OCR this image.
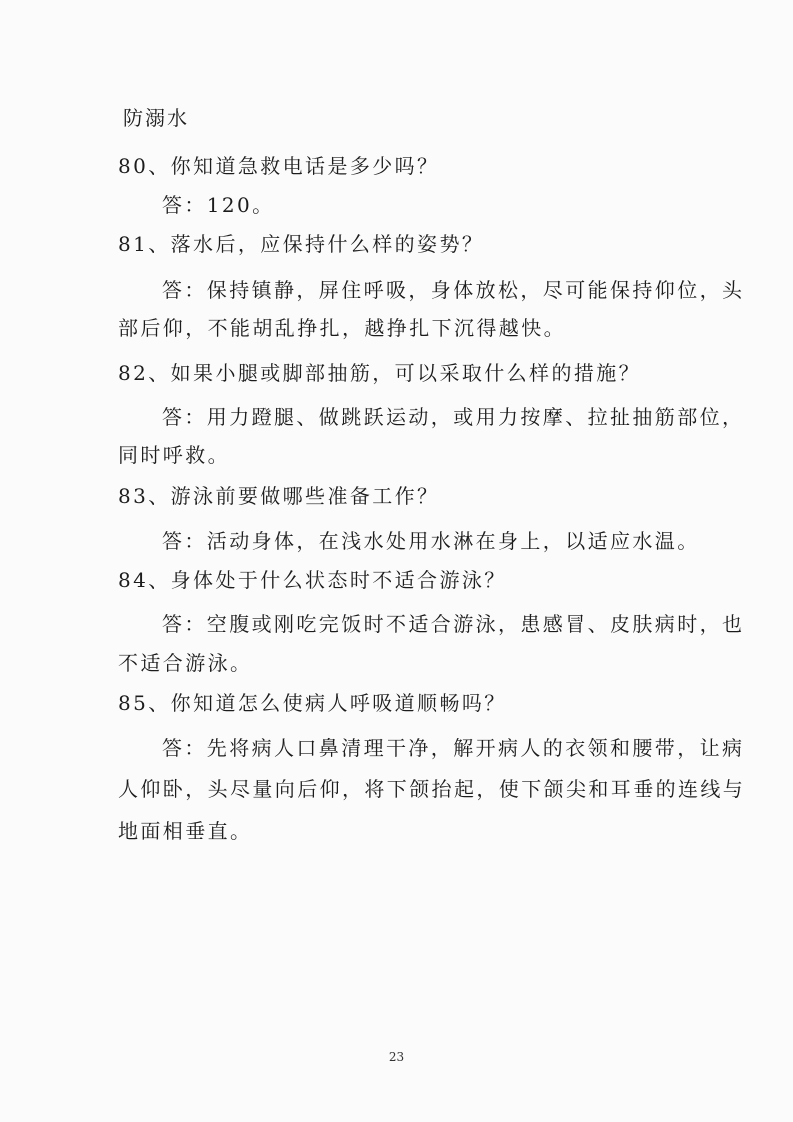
防溺水
80、你知道急救电话是多少吗？
答：120。
81、落水后，应保持什么样的姿势？
答：保持镇静，屏住呼吸，身体放松，尽可能保持仰位，头
部后仰，不能胡乱挣扎，越挣扎下沉得越快。
82、如果小腿或脚部抽筋，可以采取什么样的措施？
答：用力蹬腿、做跳跃运动，或用力按摩、拉扯抽筋部位，
同时呼救。
83、游泳前要做哪些准备工作？
答：活动身体，在浅水处用水淋在身上，以适应水温。
84、身体处于什么状态时不适合游泳？
答：空腹或刚吃完饭时不适合游泳，患感冒、皮肤病时，也
不适合游泳。
85、你知道怎么使病人呼吸道顺畅吗？
答：先将病人口鼻清理干净，解开病人的衣领和腰带，让病
人仰卧，头尽量向后仰，将下颌抬起，使下颌尖和耳垂的连线与
地面相垂直。
23
